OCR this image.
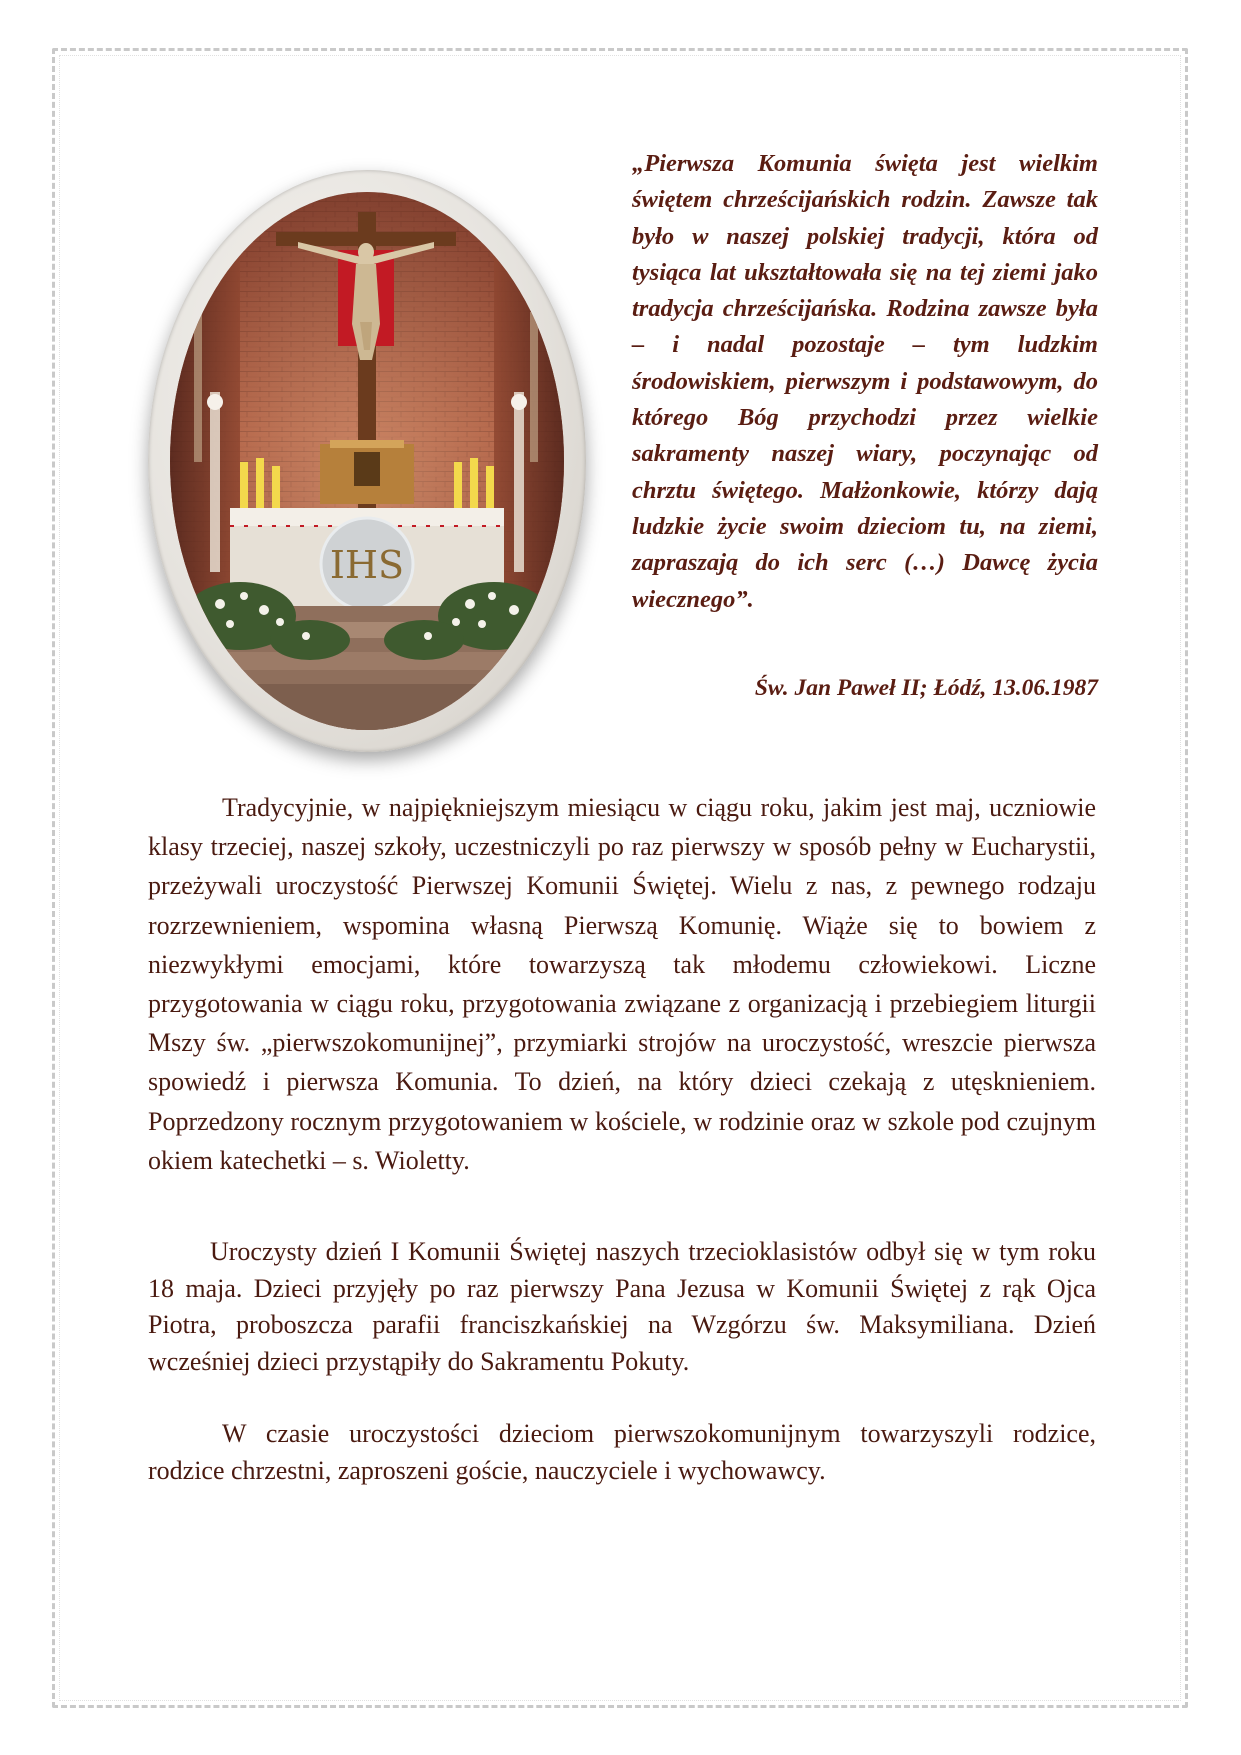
IHS

„Pierwsza Komunia święta jest wielkim świętem chrześcijańskich rodzin. Zawsze tak było w naszej polskiej tradycji, która od tysiąca lat ukształtowała się na tej ziemi jako tradycja chrześcijańska. Rodzina zawsze była – i nadal pozostaje – tym ludzkim środowiskiem, pierwszym i podstawowym, do którego Bóg przychodzi przez wielkie sakramenty naszej wiary, poczynając od chrztu świętego. Małżonkowie, którzy dają ludzkie życie swoim dzieciom tu, na ziemi, zapraszają do ich serc (…) Dawcę życia wiecznego”.

Św. Jan Paweł II; Łódź, 13.06.1987

Tradycyjnie, w najpiękniejszym miesiącu w ciągu roku, jakim jest maj, uczniowie klasy trzeciej, naszej szkoły, uczestniczyli po raz pierwszy w sposób pełny w Eucharystii, przeżywali uroczystość Pierwszej Komunii Świętej. Wielu z nas, z pewnego rodzaju rozrzewnieniem, wspomina własną Pierwszą Komunię. Wiąże się to bowiem z niezwykłymi emocjami, które towarzyszą tak młodemu człowiekowi. Liczne przygotowania w ciągu roku, przygotowania związane z organizacją i przebiegiem liturgii Mszy św. „pierwszokomunijnej”, przymiarki strojów na uroczystość, wreszcie pierwsza spowiedź i pierwsza Komunia. To dzień, na który dzieci czekają z utęsknieniem. Poprzedzony rocznym przygotowaniem w kościele, w rodzinie oraz w szkole pod czujnym okiem katechetki – s. Wioletty.

Uroczysty dzień I Komunii Świętej naszych trzecioklasistów odbył się w tym roku 18 maja. Dzieci przyjęły po raz pierwszy Pana Jezusa w Komunii Świętej z rąk Ojca Piotra, proboszcza parafii franciszkańskiej na Wzgórzu św. Maksymiliana. Dzień wcześniej dzieci przystąpiły do Sakramentu Pokuty.

W czasie uroczystości dzieciom pierwszokomunijnym towarzyszyli rodzice, rodzice chrzestni, zaproszeni goście, nauczyciele i wychowawcy.
